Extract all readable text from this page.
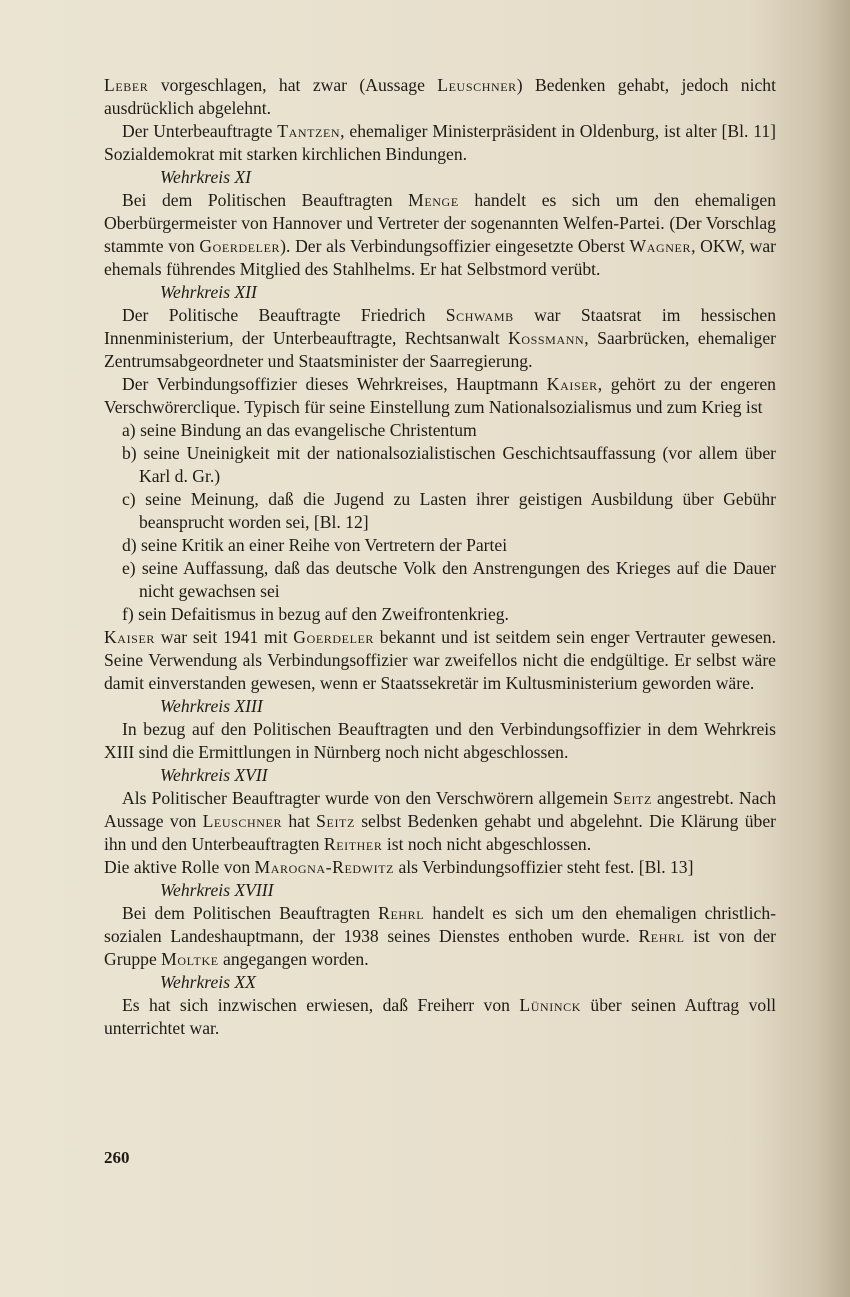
Leber vorgeschlagen, hat zwar (Aussage Leuschner) Bedenken gehabt, jedoch nicht ausdrücklich abgelehnt.

Der Unterbeauftragte Tantzen, ehemaliger Ministerpräsident in Oldenburg, ist alter [Bl. 11] Sozialdemokrat mit starken kirchlichen Bindungen.

Wehrkreis XI

Bei dem Politischen Beauftragten Menge handelt es sich um den ehemaligen Oberbürgermeister von Hannover und Vertreter der sogenannten Welfen-Partei. (Der Vorschlag stammte von Goerdeler). Der als Verbindungsoffizier eingesetzte Oberst Wagner, OKW, war ehemals führendes Mitglied des Stahlhelms. Er hat Selbstmord verübt.

Wehrkreis XII

Der Politische Beauftragte Friedrich Schwamb war Staatsrat im hessischen Innenministerium, der Unterbeauftragte, Rechtsanwalt Kossmann, Saarbrücken, ehemaliger Zentrumsabgeordneter und Staatsminister der Saarregierung.

Der Verbindungsoffizier dieses Wehrkreises, Hauptmann Kaiser, gehört zu der engeren Verschwörerclique. Typisch für seine Einstellung zum Nationalsozialismus und zum Krieg ist

a) seine Bindung an das evangelische Christentum

b) seine Uneinigkeit mit der nationalsozialistischen Geschichtsauffassung (vor allem über Karl d. Gr.)

c) seine Meinung, daß die Jugend zu Lasten ihrer geistigen Ausbildung über Gebühr beansprucht worden sei, [Bl. 12]

d) seine Kritik an einer Reihe von Vertretern der Partei

e) seine Auffassung, daß das deutsche Volk den Anstrengungen des Krieges auf die Dauer nicht gewachsen sei

f) sein Defaitismus in bezug auf den Zweifrontenkrieg.

Kaiser war seit 1941 mit Goerdeler bekannt und ist seitdem sein enger Vertrauter gewesen. Seine Verwendung als Verbindungsoffizier war zweifellos nicht die endgültige. Er selbst wäre damit einverstanden gewesen, wenn er Staatssekretär im Kultusministerium geworden wäre.

Wehrkreis XIII

In bezug auf den Politischen Beauftragten und den Verbindungsoffizier in dem Wehrkreis XIII sind die Ermittlungen in Nürnberg noch nicht abgeschlossen.

Wehrkreis XVII

Als Politischer Beauftragter wurde von den Verschwörern allgemein Seitz angestrebt. Nach Aussage von Leuschner hat Seitz selbst Bedenken gehabt und abgelehnt. Die Klärung über ihn und den Unterbeauftragten Reither ist noch nicht abgeschlossen.

Die aktive Rolle von Marogna-Redwitz als Verbindungsoffizier steht fest. [Bl. 13]

Wehrkreis XVIII

Bei dem Politischen Beauftragten Rehrl handelt es sich um den ehemaligen christlich-sozialen Landeshauptmann, der 1938 seines Dienstes enthoben wurde. Rehrl ist von der Gruppe Moltke angegangen worden.

Wehrkreis XX

Es hat sich inzwischen erwiesen, daß Freiherr von Lüninck über seinen Auftrag voll unterrichtet war.

260
